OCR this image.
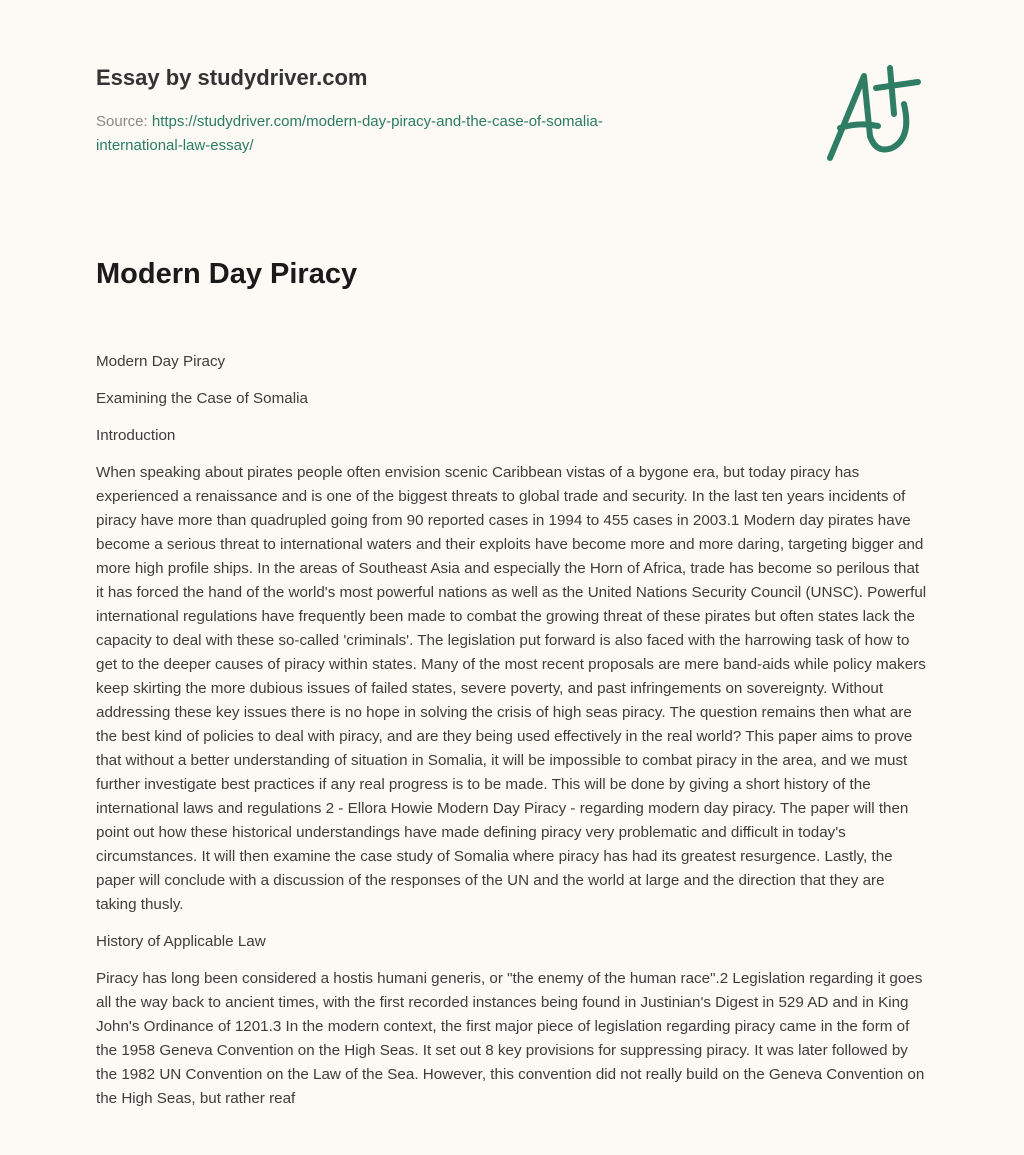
Essay by studydriver.com
Source: https://studydriver.com/modern-day-piracy-and-the-case-of-somalia-
international-law-essay/
Modern Day Piracy

Modern Day Piracy

Examining the Case of Somalia

Introduction

When speaking about pirates people often envision scenic Caribbean vistas of a bygone era, but today piracy has experienced a renaissance and is one of the biggest threats to global trade and security. In the last ten years incidents of piracy have more than quadrupled going from 90 reported cases in 1994 to 455 cases in 2003.1 Modern day pirates have become a serious threat to international waters and their exploits have become more and more daring, targeting bigger and more high profile ships. In the areas of Southeast Asia and especially the Horn of Africa, trade has become so perilous that it has forced the hand of the world's most powerful nations as well as the United Nations Security Council (UNSC). Powerful international regulations have frequently been made to combat the growing threat of these pirates but often states lack the capacity to deal with these so-called 'criminals'. The legislation put forward is also faced with the harrowing task of how to get to the deeper causes of piracy within states. Many of the most recent proposals are mere band-aids while policy makers keep skirting the more dubious issues of failed states, severe poverty, and past infringements on sovereignty. Without addressing these key issues there is no hope in solving the crisis of high seas piracy. The question remains then what are the best kind of policies to deal with piracy, and are they being used effectively in the real world? This paper aims to prove that without a better understanding of situation in Somalia, it will be impossible to combat piracy in the area, and we must further investigate best practices if any real progress is to be made. This will be done by giving a short history of the international laws and regulations 2 - Ellora Howie Modern Day Piracy - regarding modern day piracy. The paper will then point out how these historical understandings have made defining piracy very problematic and difficult in today's circumstances. It will then examine the case study of Somalia where piracy has had its greatest resurgence. Lastly, the paper will conclude with a discussion of the responses of the UN and the world at large and the direction that they are taking thusly.

History of Applicable Law

Piracy has long been considered a hostis humani generis, or "the enemy of the human race".2 Legislation regarding it goes all the way back to ancient times, with the first recorded instances being found in Justinian's Digest in 529 AD and in King John's Ordinance of 1201.3 In the modern context, the first major piece of legislation regarding piracy came in the form of the 1958 Geneva Convention on the High Seas. It set out 8 key provisions for suppressing piracy. It was later followed by the 1982 UN Convention on the Law of the Sea. However, this convention did not really build on the Geneva Convention on the High Seas, but rather reaf
